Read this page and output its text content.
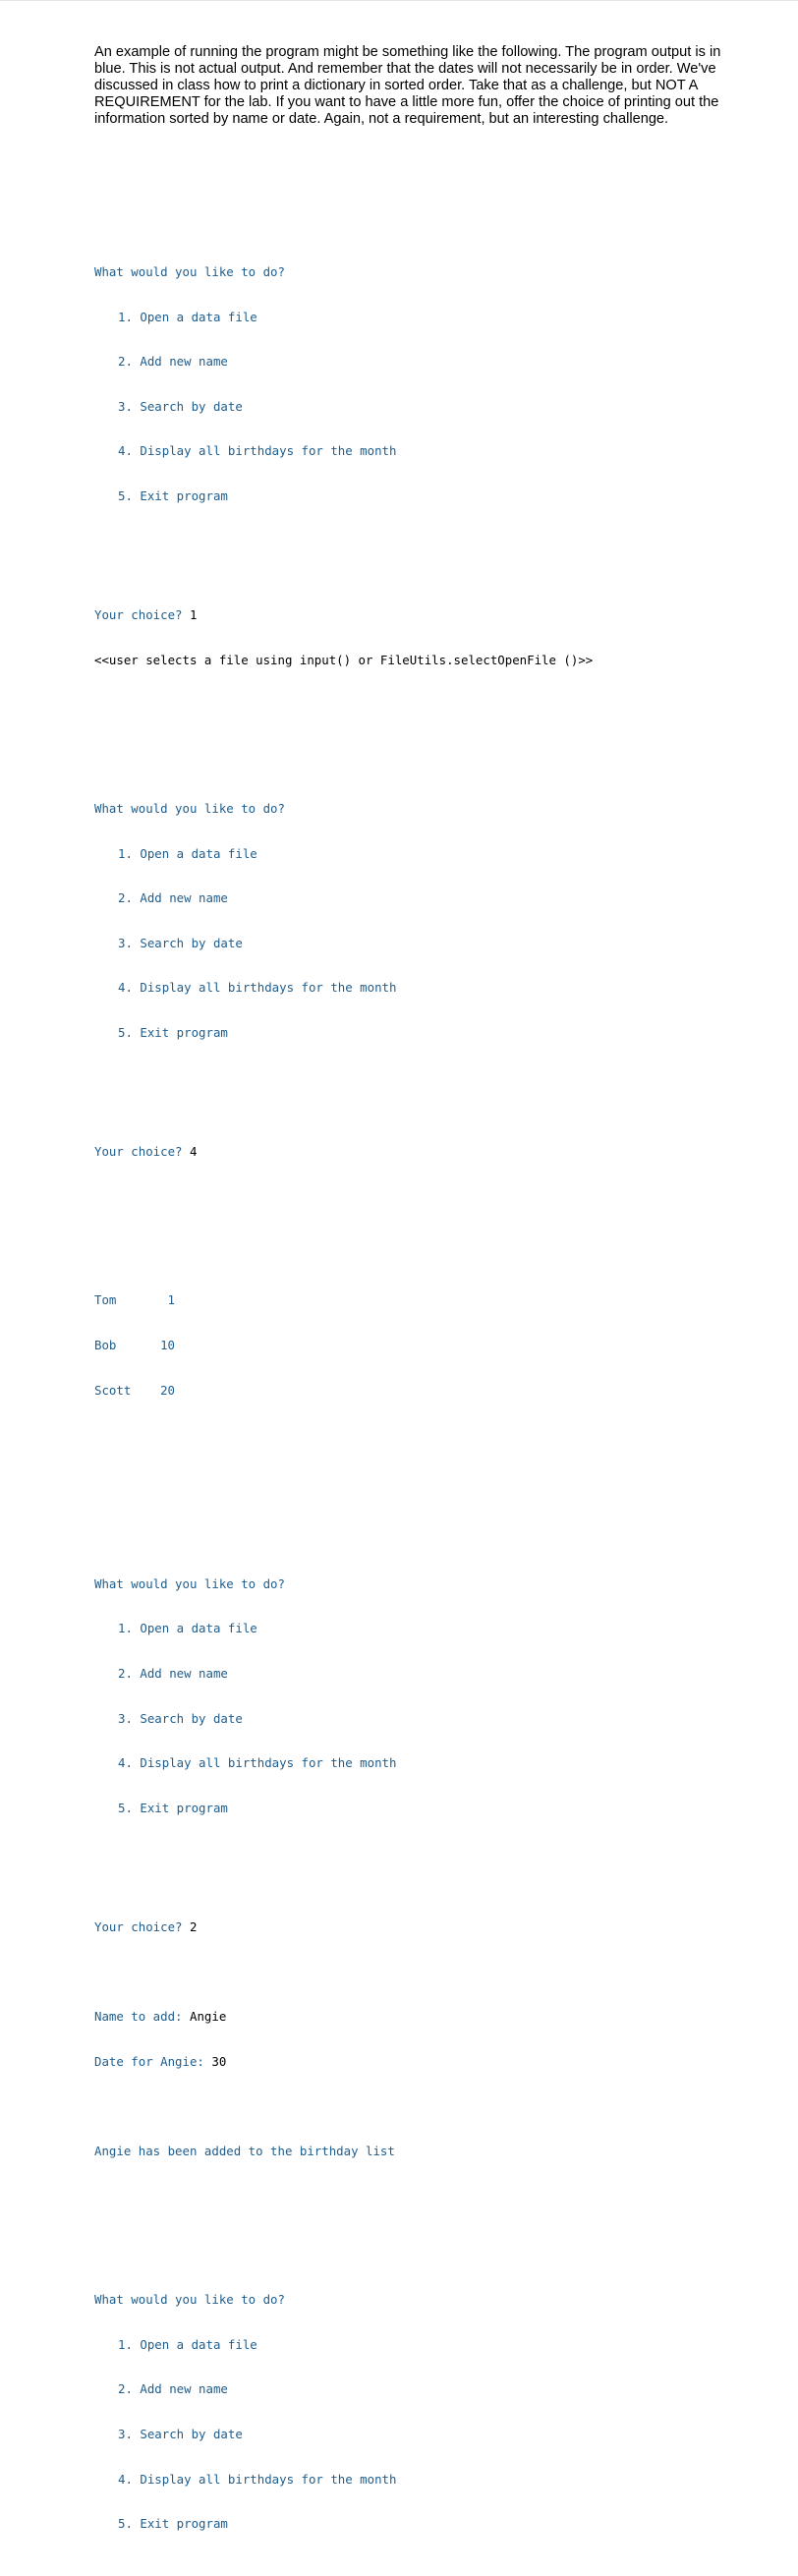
An example of running the program might be something like the following. The program output is in blue. This is not actual output. And remember that the dates will not necessarily be in order. We've discussed in class how to print a dictionary in sorted order. Take that as a challenge, but NOT A REQUIREMENT for the lab. If you want to have a little more fun, offer the choice of printing out the information sorted by name or date. Again, not a requirement, but an interesting challenge.

What would you like to do?

1. Open a data file

2. Add new name

3. Search by date

4. Display all birthdays for the month

5. Exit program

Your choice? 1

<<user selects a file using input() or FileUtils.selectOpenFile ()>>

What would you like to do?

1. Open a data file

2. Add new name

3. Search by date

4. Display all birthdays for the month

5. Exit program

Your choice? 4

Tom	1

Bob	10

Scott 20

What would you like to do?

1. Open a data file

2. Add new name

3. Search by date

4. Display all birthdays for the month

5. Exit program

Your choice? 2

Name to add: Angie

Date for Angie: 30

Angie has been added to the birthday list

What would you like to do?

1. Open a data file

2. Add new name

3. Search by date

4. Display all birthdays for the month

5. Exit program
